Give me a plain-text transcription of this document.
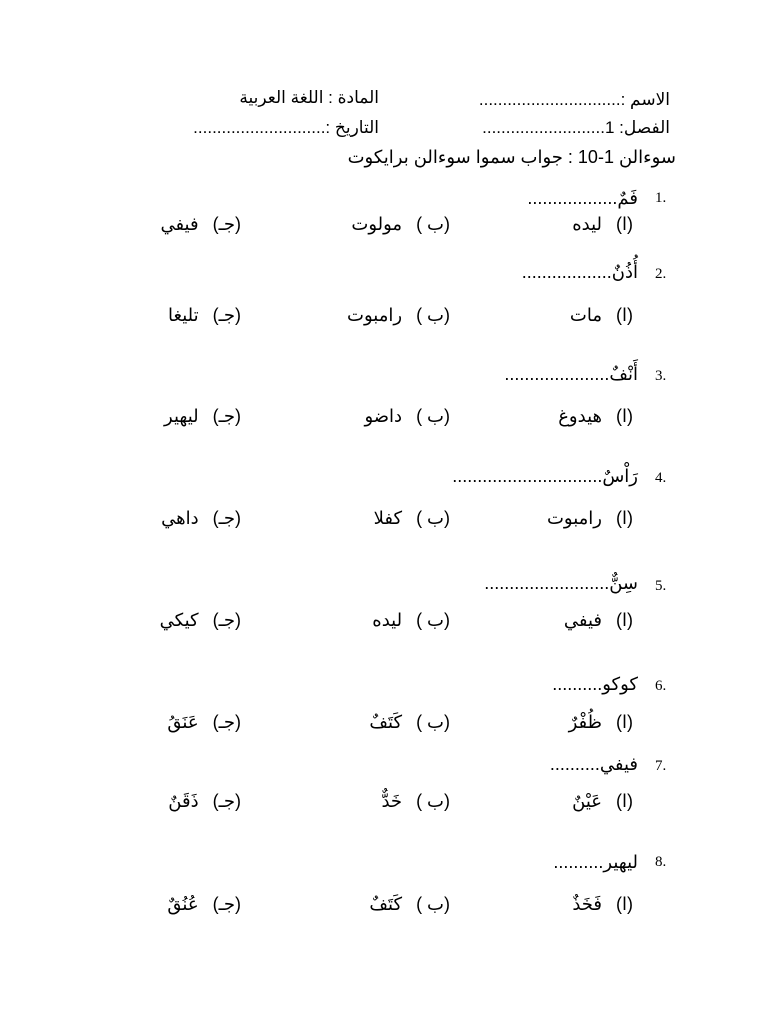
الاسم :..............................
المادة : اللغة العربية
الفصل: 1..........................
التاريخ :............................
سوءالن 1-10 : جواب سموا سوءالن برايكوت
1.
فَمٌ..................
(ا)ليده
(ب )مولوت
(جـ)فيفي
2.
أُذُنٌ..................
(ا)مات
(ب )رامبوت
(جـ)تليغا
3.
أَنْفٌ.....................
(ا)هيدوغ
(ب )داضو
(جـ)ليهير
4.
رَاْسٌ..............................
(ا)رامبوت
(ب )كفلا
(جـ)داهي
5.
سِنٌّ.........................
(ا)فيفي
(ب )ليده
(جـ)كيكي
6.
كوكو..........
(ا)ظُفْرٌ
(ب )كَتَفٌ
(جـ)عَنَقُ
7.
فيفي..........
(ا)عَيْنٌ
(ب )خَدٌّ
(جـ)ذَقَنٌ
8.
ليهير..........
(ا)فَخَذٌ
(ب )كَتَفٌ
(جـ)عُنُقٌ
